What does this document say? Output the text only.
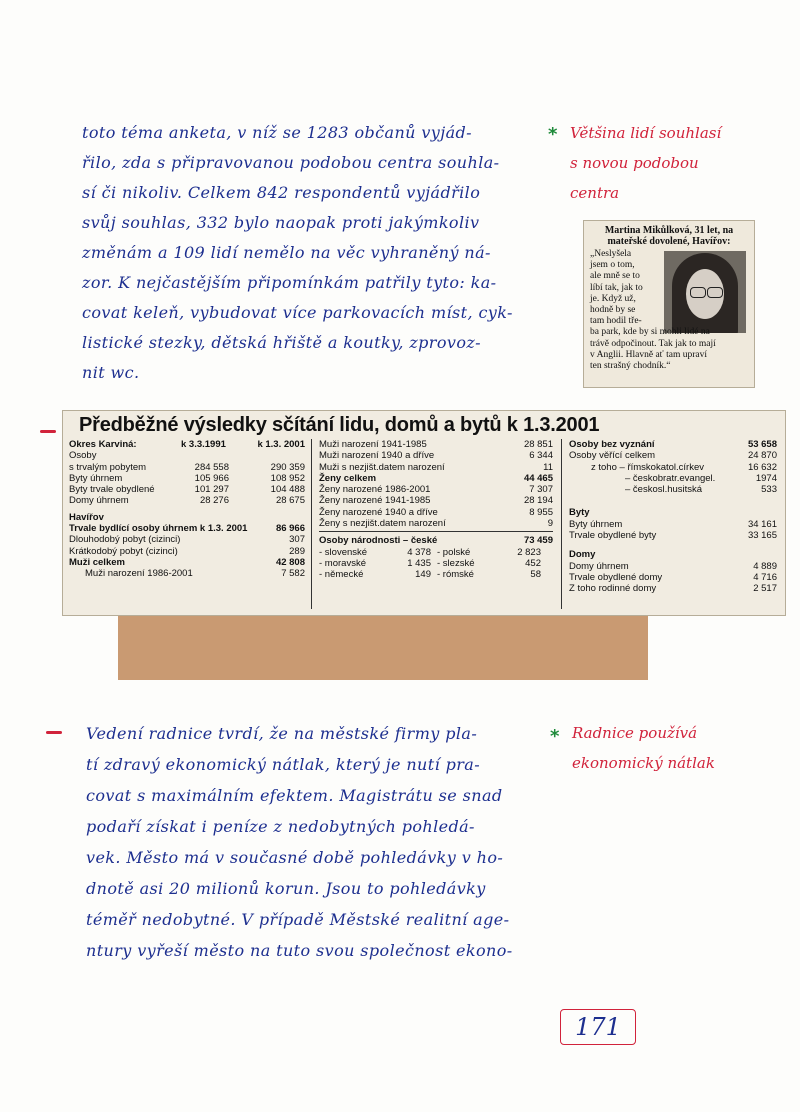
toto téma anketa, v níž se 1283 občanů vyjád-
řilo, zda s připravovanou podobou centra souhla-
sí či nikoliv. Celkem 842 respondentů vyjádřilo
svůj souhlas, 332 bylo naopak proti jakýmkoliv
změnám a 109 lidí nemělo na věc vyhraněný ná-
zor. K nejčastějším připomínkám patřily tyto: ka-
covat keleň, vybudovat více parkovacích míst, cyk-
listické stezky, dětská hřiště a koutky, zprovoz-
nit wc.
* Většina lidí souhlasí
s novou podobou
centra
Martina Mikůlková, 31 let, na
mateřské dovolené, Havířov:
„Neslyšela
jsem o tom,
ale mně se to
líbí tak, jak to
je. Když už,
hodně by se
tam hodil tře-
ba park, kde by si mohli lidé na
trávě odpočinout. Tak jak to mají
v Anglii. Hlavně ať tam upraví
ten strašný chodník.“
Předběžné výsledky sčítání lidu, domů a bytů k 1.3.2001
Okres Karviná:	k 3.3.1991	k 1.3. 2001
Osoby
s trvalým pobytem	284 558	290 359
Byty úhrnem	105 966	108 952
Byty trvale obydlené	101 297	104 488
Domy úhrnem	28 276	28 675
Havířov
Trvale bydlící osoby úhrnem k 1.3. 2001	86 966
Dlouhodobý pobyt (cizinci)	307
Krátkodobý pobyt (cizinci)	289
Muži celkem	42 808
Muži narození 1986-2001	7 582
Muži narození 1941-1985	28 851
Muži narození 1940 a dříve	6 344
Muži s nezjišt.datem narození	11
Ženy celkem	44 465
Ženy narozené 1986-2001	7 307
Ženy narozené 1941-1985	28 194
Ženy narozené 1940 a dříve	8 955
Ženy s nezjišt.datem narození	9
Osoby národnosti – české	73 459
- slovenské	4 378 - polské	2 823
- moravské	1 435 - slezské	452
- německé	149 - rómské	58
Osoby bez vyznání	53 658
Osoby věřící celkem	24 870
z toho – římskokatol.církev	16 632
– českobratr.evangel.	1974
– českosl.husitská	533
Byty
Byty úhrnem	34 161
Trvale obydlené byty	33 165
Domy
Domy úhrnem	4 889
Trvale obydlené domy	4 716
Z toho rodinné domy	2 517
Vedení radnice tvrdí, že na městské firmy pla-
tí zdravý ekonomický nátlak, který je nutí pra-
covat s maximálním efektem. Magistrátu se snad
podaří získat i peníze z nedobytných pohledá-
vek. Město má v současné době pohledávky v ho-
dnotě asi 20 milionů korun. Jsou to pohledávky
téměř nedobytné. V případě Městské realitní age-
ntury vyřeší město na tuto svou společnost ekono-
* Radnice používá
ekonomický nátlak
171
